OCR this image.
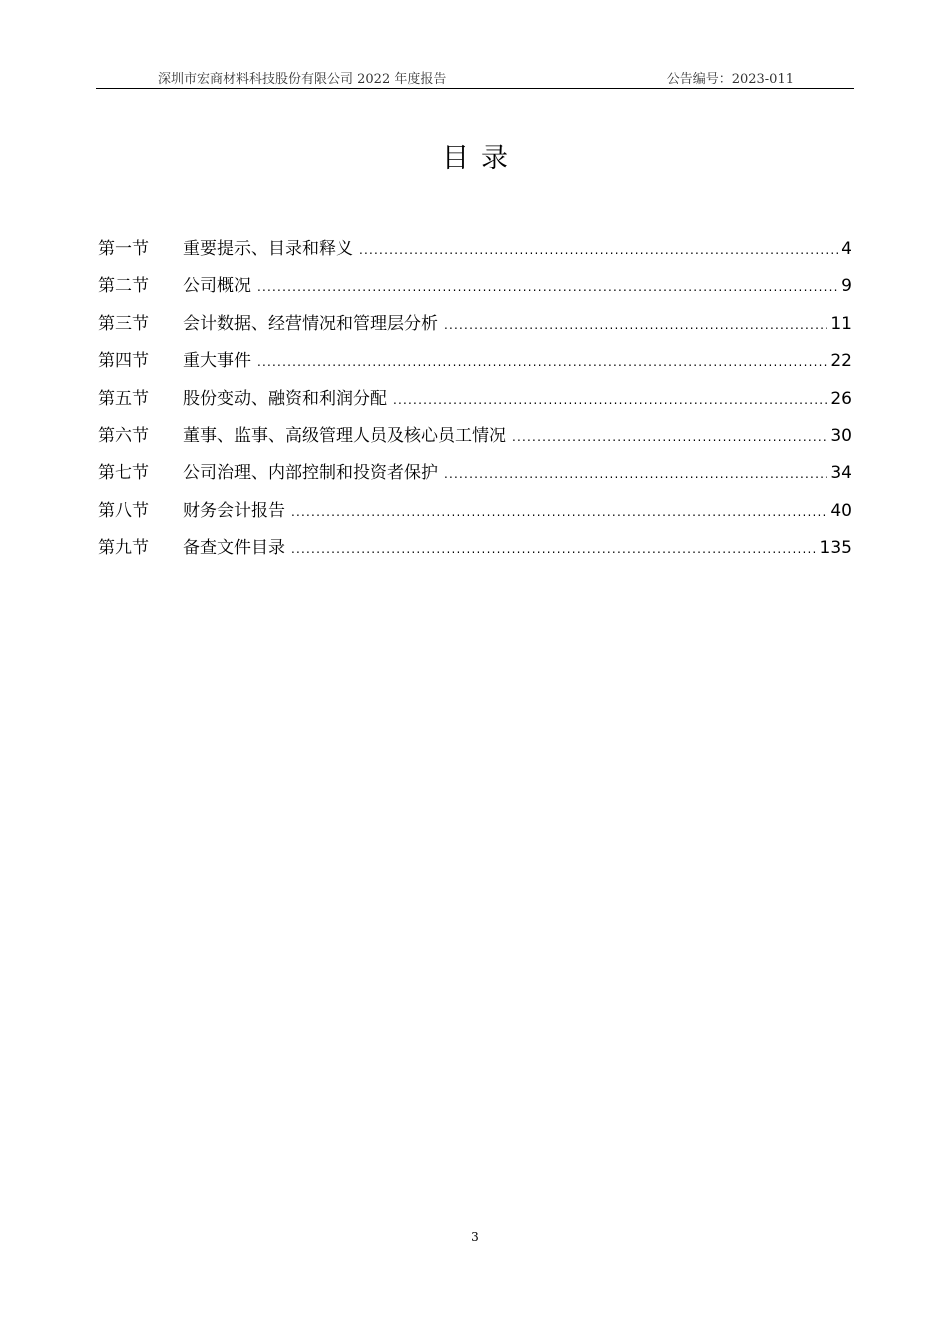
深圳市宏商材料科技股份有限公司 2022 年度报告	公告编号：2023-011
目录
第一节	重要提示、目录和释义 .....	4
第二节	公司概况 .....	9
第三节	会计数据、经营情况和管理层分析 .....	11
第四节	重大事件 .....	22
第五节	股份变动、融资和利润分配 .....	26
第六节	董事、监事、高级管理人员及核心员工情况 .....	30
第七节	公司治理、内部控制和投资者保护 .....	34
第八节	财务会计报告 .....	40
第九节	备查文件目录 .....	135
3
